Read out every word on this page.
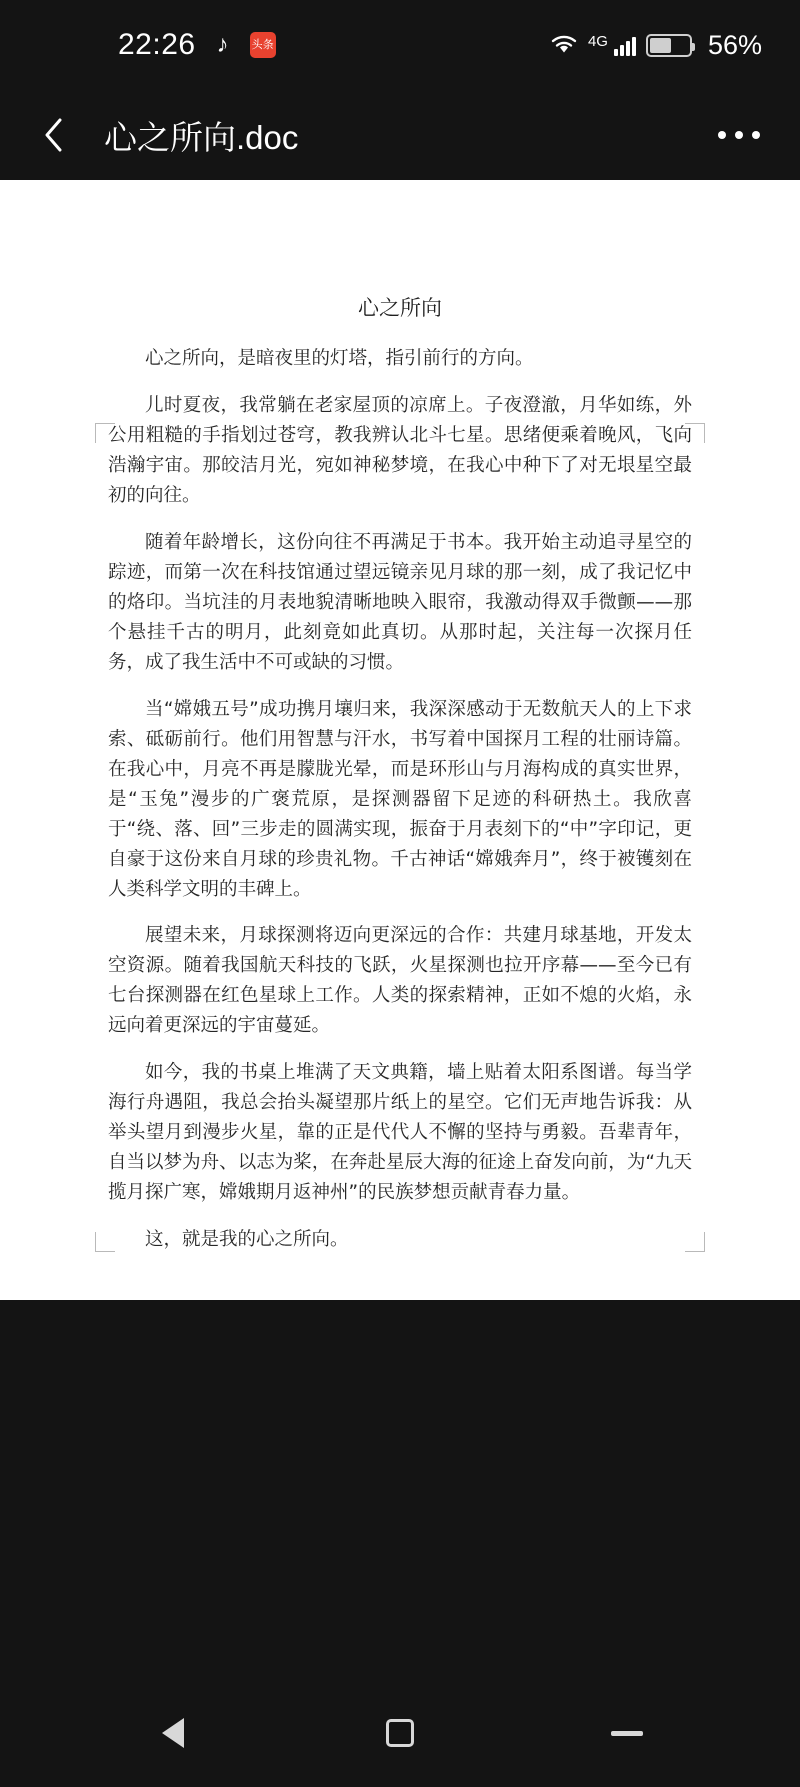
22:26 ♪ 头条	4G	56%
心之所向.doc
心之所向

心之所向，是暗夜里的灯塔，指引前行的方向。

儿时夏夜，我常躺在老家屋顶的凉席上。子夜澄澈，月华如练，外公用粗糙的手指划过苍穹，教我辨认北斗七星。思绪便乘着晚风，飞向浩瀚宇宙。那皎洁月光，宛如神秘梦境，在我心中种下了对无垠星空最初的向往。

随着年龄增长，这份向往不再满足于书本。我开始主动追寻星空的踪迹，而第一次在科技馆通过望远镜亲见月球的那一刻，成了我记忆中的烙印。当坑洼的月表地貌清晰地映入眼帘，我激动得双手微颤——那个悬挂千古的明月，此刻竟如此真切。从那时起，关注每一次探月任务，成了我生活中不可或缺的习惯。

当“嫦娥五号”成功携月壤归来，我深深感动于无数航天人的上下求索、砥砺前行。他们用智慧与汗水，书写着中国探月工程的壮丽诗篇。在我心中，月亮不再是朦胧光晕，而是环形山与月海构成的真实世界，是“玉兔”漫步的广褒荒原，是探测器留下足迹的科研热土。我欣喜于“绕、落、回”三步走的圆满实现，振奋于月表刻下的“中”字印记，更自豪于这份来自月球的珍贵礼物。千古神话“嫦娥奔月”，终于被镬刻在人类科学文明的丰碑上。

展望未来，月球探测将迈向更深远的合作：共建月球基地，开发太空资源。随着我国航天科技的飞跃，火星探测也拉开序幕——至今已有七台探测器在红色星球上工作。人类的探索精神，正如不熄的火焰，永远向着更深远的宇宙蔓延。

如今，我的书桌上堆满了天文典籍，墙上贴着太阳系图谱。每当学海行舟遇阻，我总会抬头凝望那片纸上的星空。它们无声地告诉我：从举头望月到漫步火星，靠的正是代代人不懈的坚持与勇毅。吾辈青年，自当以梦为舟、以志为桨，在奔赴星辰大海的征途上奋发向前，为“九天揽月探广寒，嫦娥期月返神州”的民族梦想贡献青春力量。

这，就是我的心之所向。
